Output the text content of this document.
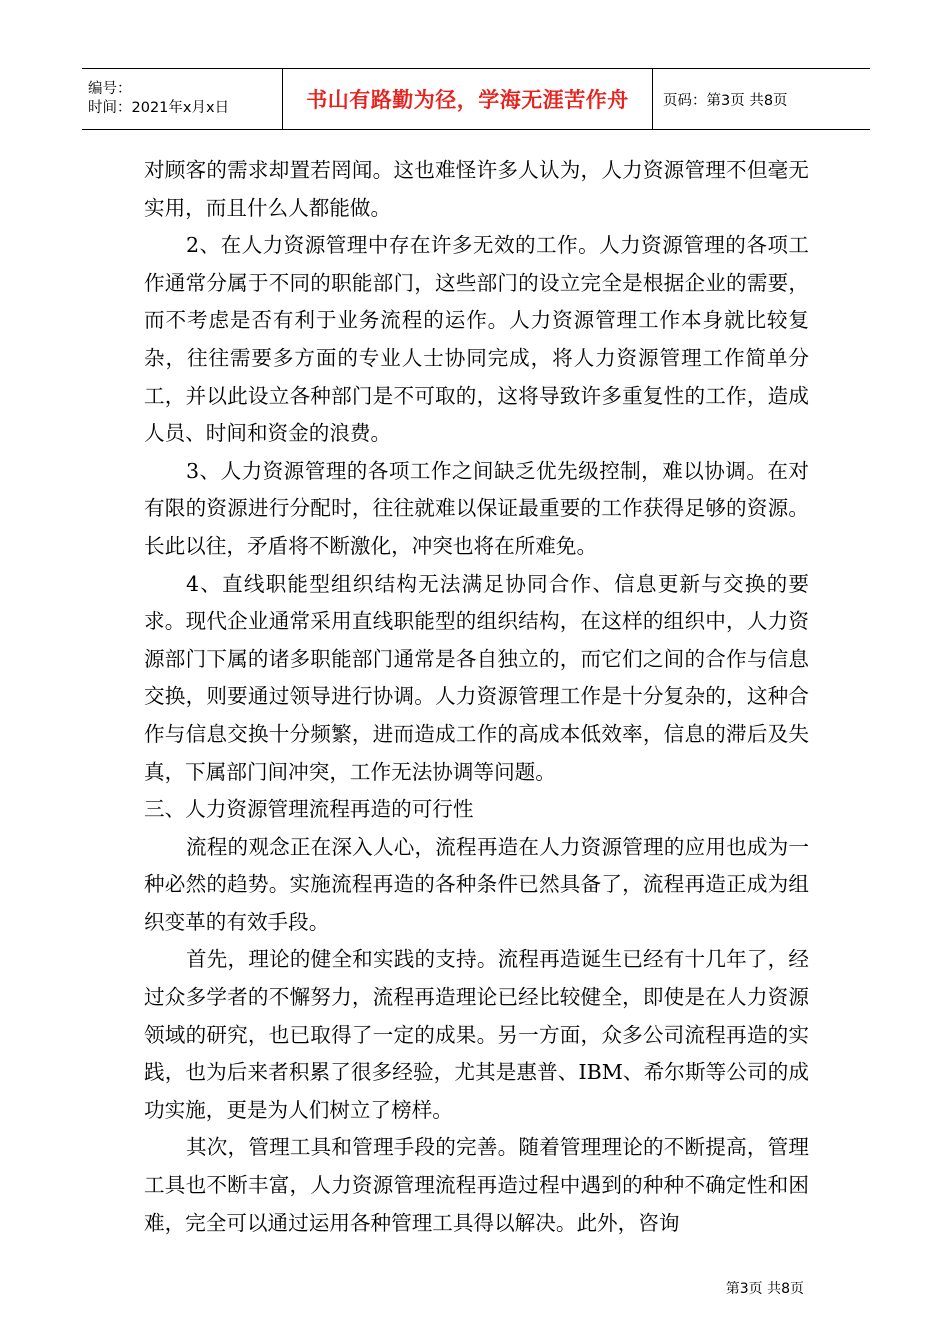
编号：
时间：2021年x月x日	书山有路勤为径，学海无涯苦作舟	页码：第3页 共8页

对顾客的需求却置若罔闻。这也难怪许多人认为，人力资源管理不但毫无实用，而且什么人都能做。

2、在人力资源管理中存在许多无效的工作。人力资源管理的各项工作通常分属于不同的职能部门，这些部门的设立完全是根据企业的需要，而不考虑是否有利于业务流程的运作。人力资源管理工作本身就比较复杂，往往需要多方面的专业人士协同完成，将人力资源管理工作简单分工，并以此设立各种部门是不可取的，这将导致许多重复性的工作，造成人员、时间和资金的浪费。

3、人力资源管理的各项工作之间缺乏优先级控制，难以协调。在对有限的资源进行分配时，往往就难以保证最重要的工作获得足够的资源。长此以往，矛盾将不断激化，冲突也将在所难免。

4、直线职能型组织结构无法满足协同合作、信息更新与交换的要求。现代企业通常采用直线职能型的组织结构，在这样的组织中，人力资源部门下属的诸多职能部门通常是各自独立的，而它们之间的合作与信息交换，则要通过领导进行协调。人力资源管理工作是十分复杂的，这种合作与信息交换十分频繁，进而造成工作的高成本低效率，信息的滞后及失真，下属部门间冲突，工作无法协调等问题。

三、人力资源管理流程再造的可行性

流程的观念正在深入人心，流程再造在人力资源管理的应用也成为一种必然的趋势。实施流程再造的各种条件已然具备了，流程再造正成为组织变革的有效手段。

首先，理论的健全和实践的支持。流程再造诞生已经有十几年了，经过众多学者的不懈努力，流程再造理论已经比较健全，即使是在人力资源领域的研究，也已取得了一定的成果。另一方面，众多公司流程再造的实践，也为后来者积累了很多经验，尤其是惠普、IBM、希尔斯等公司的成功实施，更是为人们树立了榜样。

其次，管理工具和管理手段的完善。随着管理理论的不断提高，管理工具也不断丰富，人力资源管理流程再造过程中遇到的种种不确定性和困难，完全可以通过运用各种管理工具得以解决。此外，咨询

第3页 共8页
